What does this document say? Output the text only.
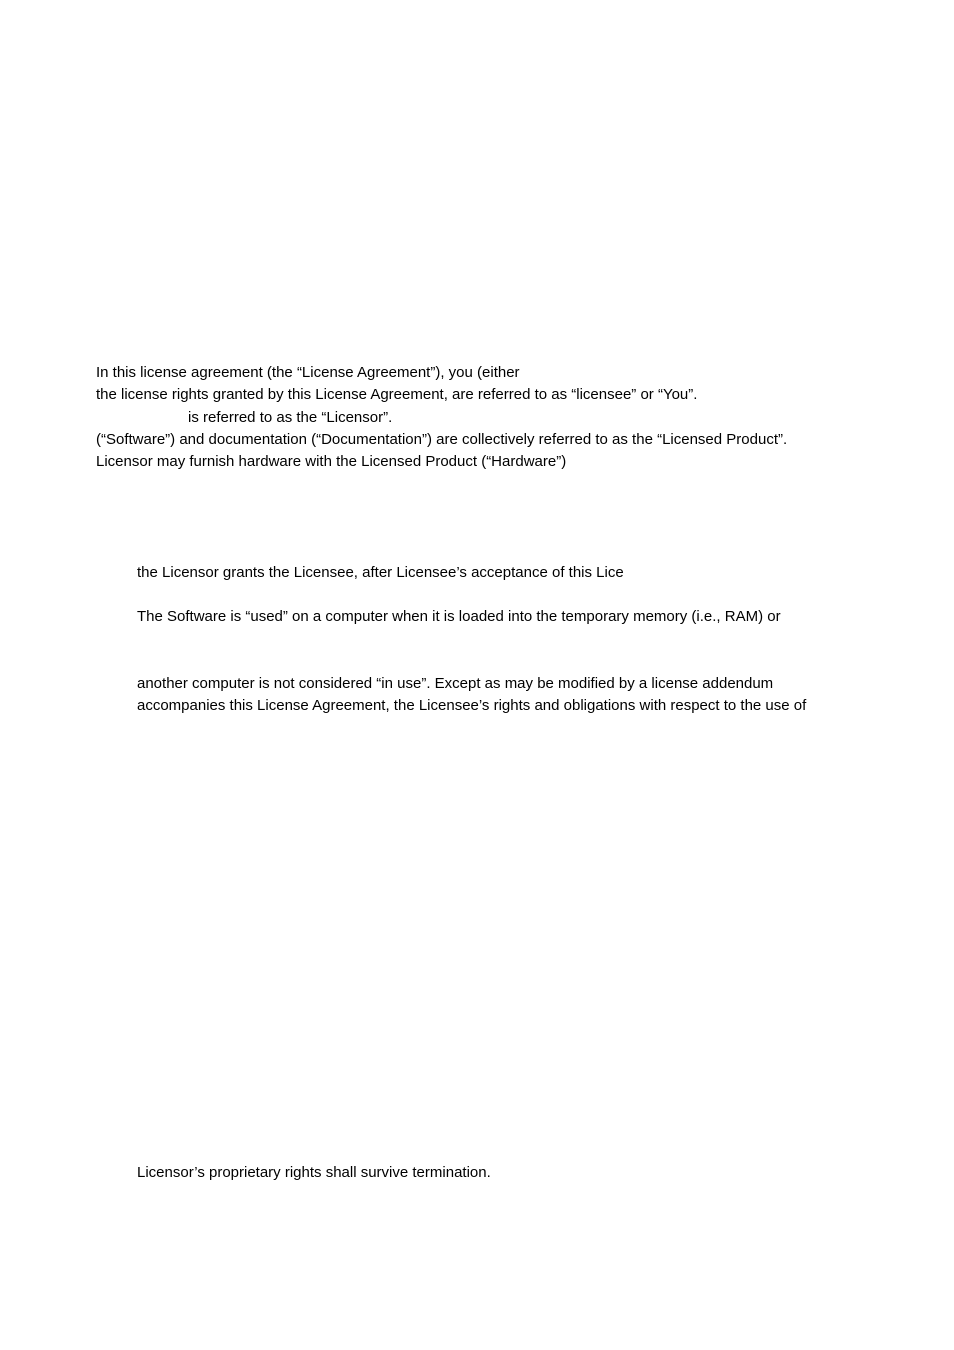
In this license agreement (the “License Agreement”), you (either
the license rights granted by this License Agreement, are referred to as “licensee” or “You”.
is referred to as the “Licensor”.
(“Software”) and documentation (“Documentation”) are collectively referred to as the “Licensed Product”.
Licensor may furnish hardware with the Licensed Product (“Hardware”)
the Licensor grants the Licensee, after Licensee’s acceptance of this Lice
The Software is “used” on a computer when it is loaded into the temporary memory (i.e., RAM) or
another computer is not considered “in use”. Except as may be modified by a license addendum
accompanies this License Agreement, the Licensee’s rights and obligations with respect to the use of
Licensor’s proprietary rights shall survive termination.
